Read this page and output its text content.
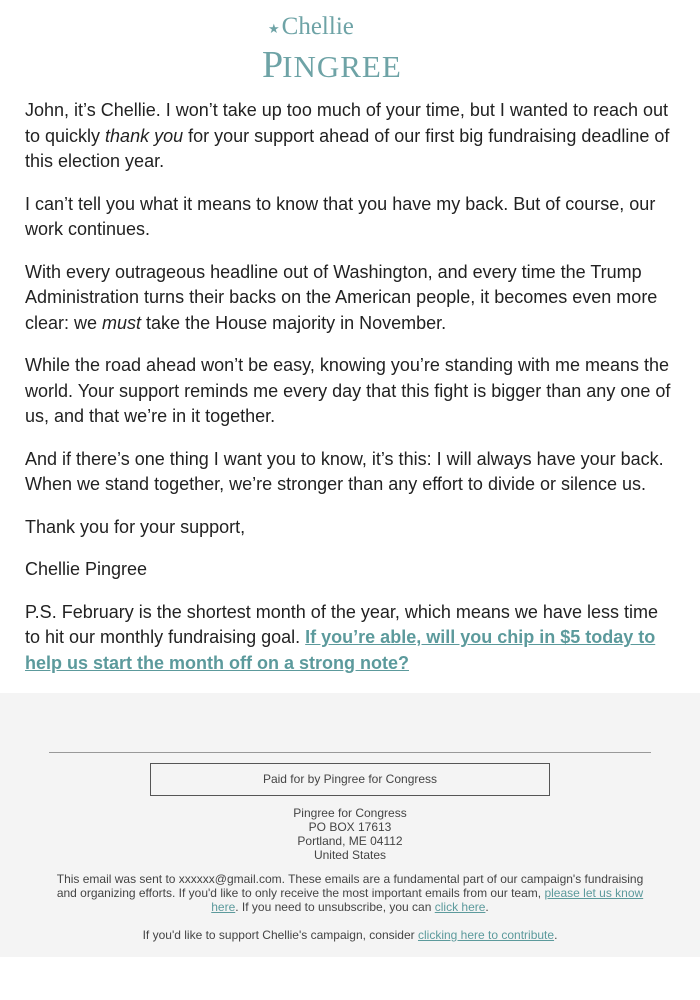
★Chellie
PINGREE

John, it’s Chellie. I won’t take up too much of your time, but I wanted to reach out to quickly thank you for your support ahead of our first big fundraising deadline of this election year.

I can’t tell you what it means to know that you have my back. But of course, our work continues.

With every outrageous headline out of Washington, and every time the Trump Administration turns their backs on the American people, it becomes even more clear: we must take the House majority in November.

While the road ahead won’t be easy, knowing you’re standing with me means the world. Your support reminds me every day that this fight is bigger than any one of us, and that we’re in it together.

And if there’s one thing I want you to know, it’s this: I will always have your back. When we stand together, we’re stronger than any effort to divide or silence us.

Thank you for your support,

Chellie Pingree

P.S. February is the shortest month of the year, which means we have less time to hit our monthly fundraising goal. If you’re able, will you chip in $5 today to help us start the month off on a strong note?

Paid for by Pingree for Congress
Pingree for Congress
PO BOX 17613
Portland, ME 04112
United States
This email was sent to xxxxxx@gmail.com. These emails are a fundamental part of our campaign's fundraising and organizing efforts. If you'd like to only receive the most important emails from our team, please let us know here. If you need to unsubscribe, you can click here.
If you'd like to support Chellie's campaign, consider clicking here to contribute.
